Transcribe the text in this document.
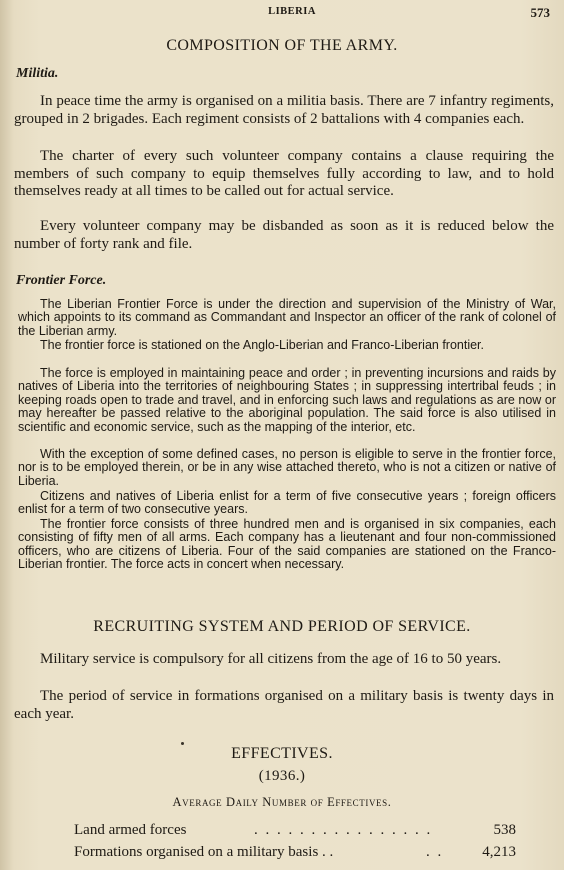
LIBERIA	573
COMPOSITION OF THE ARMY.
Militia.

In peace time the army is organised on a militia basis. There are 7 infantry regiments, grouped in 2 brigades. Each regiment consists of 2 battalions with 4 companies each.

The charter of every such volunteer company contains a clause requiring the members of such company to equip themselves fully according to law, and to hold themselves ready at all times to be called out for actual service.

Every volunteer company may be disbanded as soon as it is reduced below the number of forty rank and file.

Frontier Force.

The Liberian Frontier Force is under the direction and supervision of the Ministry of War, which appoints to its command as Commandant and Inspector an officer of the rank of colonel of the Liberian army.

The frontier force is stationed on the Anglo-Liberian and Franco-Liberian frontier.

The force is employed in maintaining peace and order ; in preventing incursions and raids by natives of Liberia into the territories of neighbouring States ; in suppressing intertribal feuds ; in keeping roads open to trade and travel, and in enforcing such laws and regulations as are now or may hereafter be passed relative to the aboriginal population. The said force is also utilised in scientific and economic service, such as the mapping of the interior, etc.

With the exception of some defined cases, no person is eligible to serve in the frontier force, nor is to be employed therein, or be in any wise attached thereto, who is not a citizen or native of Liberia.

Citizens and natives of Liberia enlist for a term of five consecutive years ; foreign officers enlist for a term of two consecutive years.

The frontier force consists of three hundred men and is organised in six companies, each consisting of fifty men of all arms. Each company has a lieutenant and four non-commissioned officers, who are citizens of Liberia. Four of the said companies are stationed on the Franco-Liberian frontier. The force acts in concert when necessary.

RECRUITING SYSTEM AND PERIOD OF SERVICE.

Military service is compulsory for all citizens from the age of 16 to 50 years.

The period of service in formations organised on a military basis is twenty days in each year.

EFFECTIVES.
(1936.)
Average Daily Number of Effectives.
Land armed forces	. . . . . . . . . . . . . . . .	538
Formations organised on a military basis . .	. .	4,213
